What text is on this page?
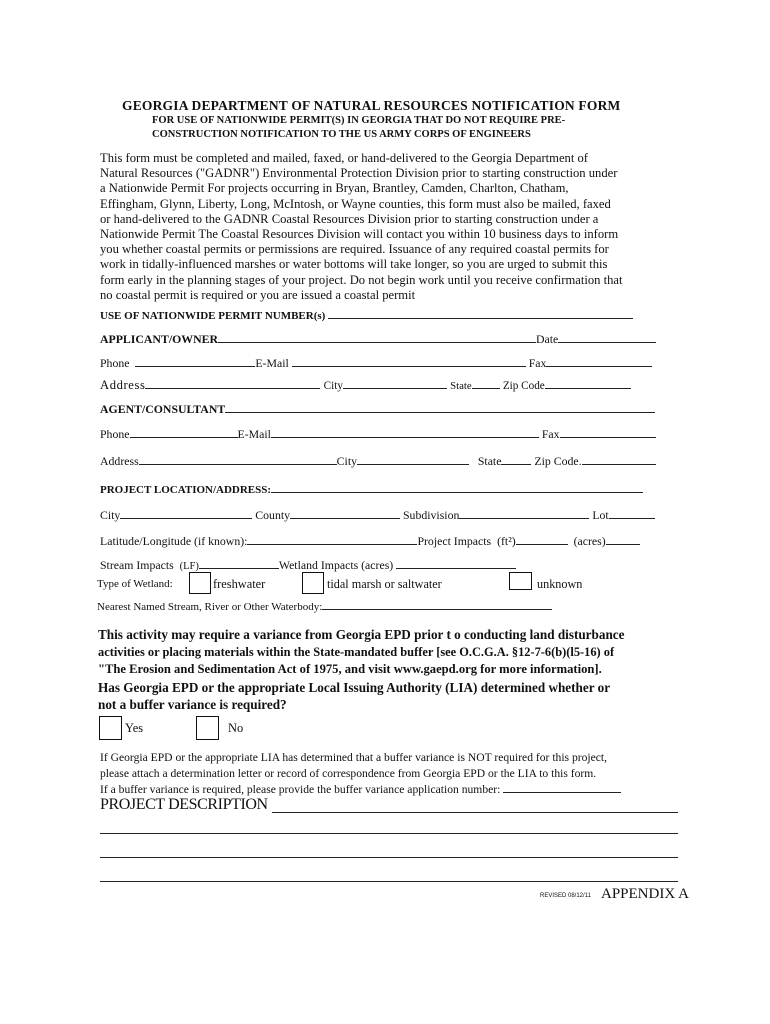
GEORGIA DEPARTMENT OF NATURAL RESOURCES NOTIFICATION FORM
FOR USE OF NATIONWIDE PERMIT(S) IN GEORGIA THAT DO NOT REQUIRE PRE-
CONSTRUCTION NOTIFICATION TO THE US ARMY CORPS OF ENGINEERS
This form must be completed and mailed, faxed, or hand-delivered to the Georgia Department of
Natural Resources ("GADNR") Environmental Protection Division prior to starting construction under
a Nationwide Permit For projects occurring in Bryan, Brantley, Camden, Charlton, Chatham,
Effingham, Glynn, Liberty, Long, McIntosh, or Wayne counties, this form must also be mailed, faxed
or hand-delivered to the GADNR Coastal Resources Division prior to starting construction under a
Nationwide Permit The Coastal Resources Division will contact you within 10 business days to inform
you whether coastal permits or permissions are required. Issuance of any required coastal permits for
work in tidally-influenced marshes or water bottoms will take longer, so you are urged to submit this
form early in the planning stages of your project. Do not begin work until you receive confirmation that
no coastal permit is required or you are issued a coastal permit
USE OF NATIONWIDE PERMIT NUMBER(s)
APPLICANT/OWNER	Date
Phone	E-Mail	Fax
Address	City	State	Zip Code
AGENT/CONSULTANT
Phone	E-Mail	Fax
Address	City	State	Zip Code.
PROJECT LOCATION/ADDRESS:
City	County	Subdivision	Lot
Latitude/Longitude (if known):	Project Impacts (ft²)	(acres)
Stream Impacts (LF)	Wetland Impacts (acres)
Type of Wetland:	freshwater	tidal marsh or saltwater	unknown
Nearest Named Stream, River or Other Waterbody:
This activity may require a variance from Georgia EPD prior t o conducting land disturbance
activities or placing materials within the State-mandated buffer [see O.C.G.A. §12-7-6(b)(l5-16) of
"The Erosion and Sedimentation Act of 1975, and visit www.gaepd.org for more information].
Has Georgia EPD or the appropriate Local Issuing Authority (LIA) determined whether or
not a buffer variance is required?
Yes	No
If Georgia EPD or the appropriate LIA has determined that a buffer variance is NOT required for this project,
please attach a determination letter or record of correspondence from Georgia EPD or the LIA to this form.
If a buffer variance is required, please provide the buffer variance application number:
PROJECT DESCRIPTION
REVISED 08/12/11 APPENDIX A
